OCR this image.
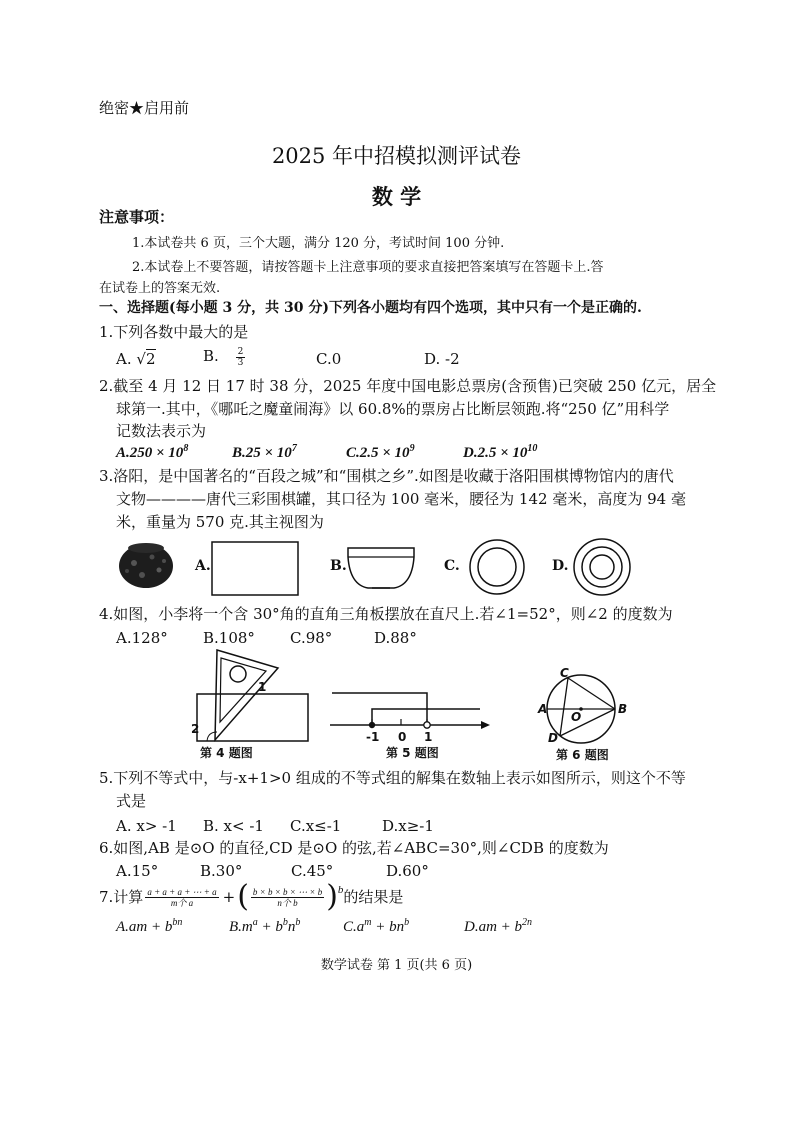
绝密★启用前
2025 年中招模拟测评试卷
数 学
注意事项：
1.本试卷共 6 页，三个大题，满分 120 分，考试时间 100 分钟.
2.本试卷上不要答题，请按答题卡上注意事项的要求直接把答案填写在答题卡上.答
在试卷上的答案无效.
一、选择题(每小题 3 分，共 30 分)下列各小题均有四个选项，其中只有一个是正确的.
1.下列各数中最大的是
A. √2	B. $\frac{2}{3}$	C.0	D. -2
2.截至 4 月 12 日 17 时 38 分，2025 年度中国电影总票房(含预售)已突破 250 亿元，居全
球第一.其中，《哪吒之魔童闹海》以 60.8%的票房占比断层领跑.将“250 亿”用科学
记数法表示为
$A.250 \times 10^8$	$B.25 \times 10^7$	$C.2.5 \times 10^9$	$D.2.5 \times 10^{10}$
3.洛阳，是中国著名的“百段之城”和“围棋之乡”.如图是收藏于洛阳围棋博物馆内的唐代
文物————唐代三彩围棋罐，其口径为 100 毫米，腰径为 142 毫米，高度为 94 毫
米，重量为 570 克.其主视图为
A.	B.	C.	D.
4.如图，小李将一个含 30°角的直角三角板摆放在直尺上.若∠1=52°，则∠2 的度数为
A.128° B.108° C.98°	D.88°
1
2
第 4 题图
-1 0 1
第 5 题图
C
A
O
B
D
第 6 题图
5.下列不等式中，与-x+1>0 组成的不等式组的解集在数轴上表示如图所示，则这个不等
式是
A. x> -1 B. x< -1 C.x≤-1	D.x≥-1
6.如图,AB 是⊙O 的直径,CD 是⊙O 的弦,若∠ABC=30°,则∠CDB 的度数为
A.15°	B.30°	C.45°	D.60°
7.计算 $\frac{a + a + a + \cdots + a}{\text{m个 a}}$ + ( $\frac{b \times b \times b \times \cdots \times b}{\text{n个 b}}$ ) b 的结果是
$A.am + b^{bn}$	$B.m^a + b^bn^b$	$C.a^m + bn^b$	$D.am + b^{2n}$
数学试卷 第 1 页(共 6 页)
